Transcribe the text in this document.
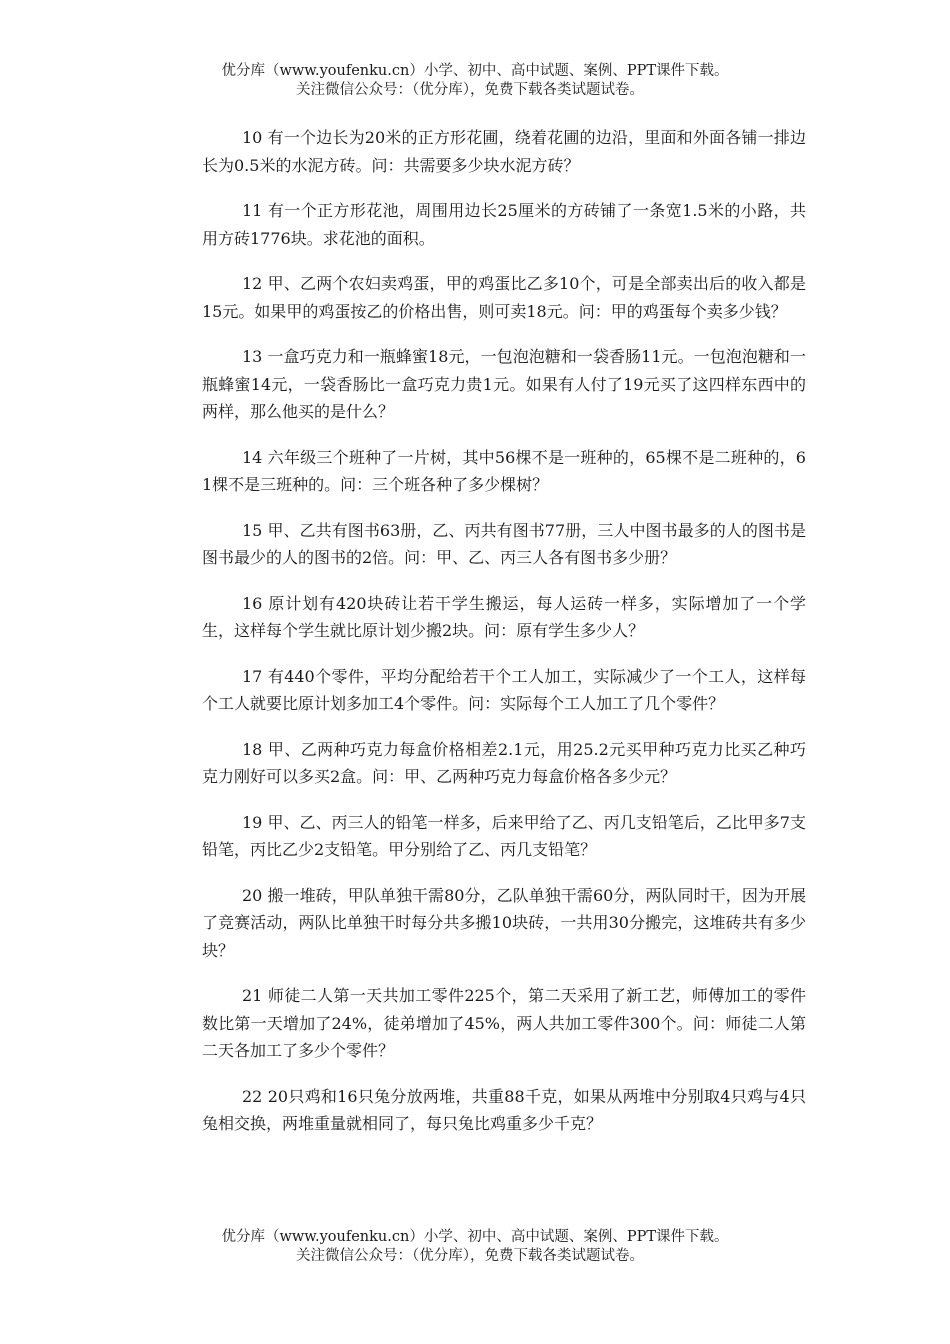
优分库（www.youfenku.cn）小学、初中、高中试题、案例、PPT课件下载。
关注微信公众号：（优分库），免费下载各类试题试卷。

10 有一个边长为20米的正方形花圃，绕着花圃的边沿，里面和外面各铺一排边长为0.5米的水泥方砖。问：共需要多少块水泥方砖？

11 有一个正方形花池，周围用边长25厘米的方砖铺了一条宽1.5米的小路，共用方砖1776块。求花池的面积。

12 甲、乙两个农妇卖鸡蛋，甲的鸡蛋比乙多10个，可是全部卖出后的收入都是15元。如果甲的鸡蛋按乙的价格出售，则可卖18元。问：甲的鸡蛋每个卖多少钱？

13 一盒巧克力和一瓶蜂蜜18元，一包泡泡糖和一袋香肠11元。一包泡泡糖和一瓶蜂蜜14元，一袋香肠比一盒巧克力贵1元。如果有人付了19元买了这四样东西中的两样，那么他买的是什么？

14 六年级三个班种了一片树，其中56棵不是一班种的，65棵不是二班种的，61棵不是三班种的。问：三个班各种了多少棵树？

15 甲、乙共有图书63册，乙、丙共有图书77册，三人中图书最多的人的图书是图书最少的人的图书的2倍。问：甲、乙、丙三人各有图书多少册？

16 原计划有420块砖让若干学生搬运，每人运砖一样多，实际增加了一个学生，这样每个学生就比原计划少搬2块。问：原有学生多少人？

17 有440个零件，平均分配给若干个工人加工，实际减少了一个工人，这样每个工人就要比原计划多加工4个零件。问：实际每个工人加工了几个零件？

18 甲、乙两种巧克力每盒价格相差2.1元，用25.2元买甲种巧克力比买乙种巧克力刚好可以多买2盒。问：甲、乙两种巧克力每盒价格各多少元？

19 甲、乙、丙三人的铅笔一样多，后来甲给了乙、丙几支铅笔后，乙比甲多7支铅笔，丙比乙少2支铅笔。甲分别给了乙、丙几支铅笔？

20 搬一堆砖，甲队单独干需80分，乙队单独干需60分，两队同时干，因为开展了竞赛活动，两队比单独干时每分共多搬10块砖，一共用30分搬完，这堆砖共有多少块？

21 师徒二人第一天共加工零件225个，第二天采用了新工艺，师傅加工的零件数比第一天增加了24%，徒弟增加了45%，两人共加工零件300个。问：师徒二人第二天各加工了多少个零件？

22 20只鸡和16只兔分放两堆，共重88千克，如果从两堆中分别取4只鸡与4只兔相交换，两堆重量就相同了，每只兔比鸡重多少千克？

优分库（www.youfenku.cn）小学、初中、高中试题、案例、PPT课件下载。
关注微信公众号：（优分库），免费下载各类试题试卷。
